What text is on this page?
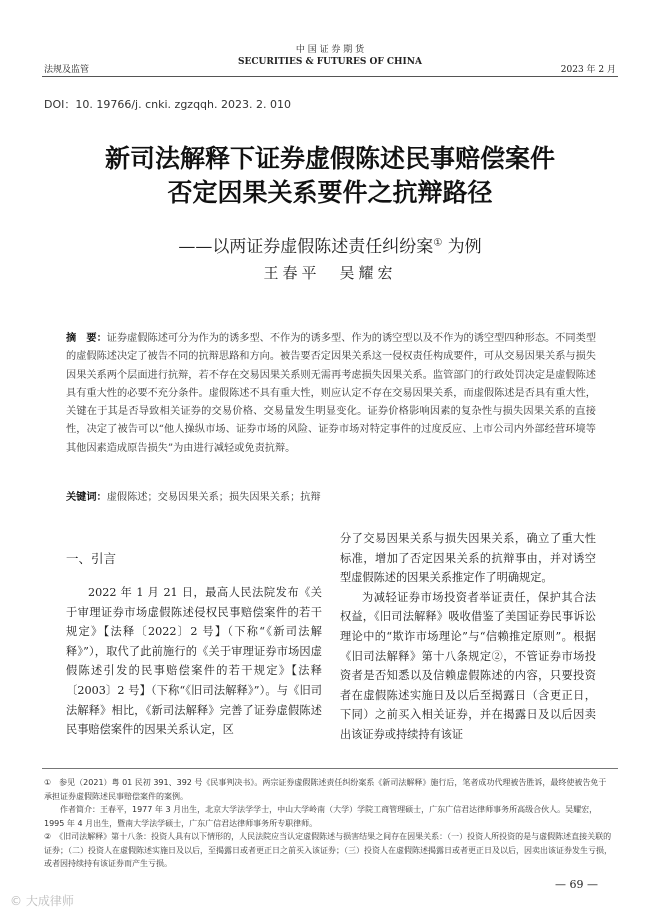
中 国 证 券 期 货
SECURITIES & FUTURES OF CHINA
法规及监管	2023 年 2 月
DOI：10. 19766/j. cnki. zgzqqh. 2023. 2. 010
新司法解释下证券虚假陈述民事赔偿案件
否定因果关系要件之抗辩路径
——以两证券虚假陈述责任纠纷案① 为例
王春平　吴耀宏
摘　要：证券虚假陈述可分为作为的诱多型、不作为的诱多型、作为的诱空型以及不作为的诱空型四种形态。不同类型的虚假陈述决定了被告不同的抗辩思路和方向。被告要否定因果关系这一侵权责任构成要件，可从交易因果关系与损失因果关系两个层面进行抗辩，若不存在交易因果关系则无需再考虑损失因果关系。监管部门的行政处罚决定是虚假陈述具有重大性的必要不充分条件。虚假陈述不具有重大性，则应认定不存在交易因果关系，而虚假陈述是否具有重大性，关键在于其是否导致相关证券的交易价格、交易量发生明显变化。证券价格影响因素的复杂性与损失因果关系的直接性，决定了被告可以“他人操纵市场、证券市场的风险、证券市场对特定事件的过度反应、上市公司内外部经营环境等其他因素造成原告损失”为由进行减轻或免责抗辩。
关键词：虚假陈述；交易因果关系；损失因果关系；抗辩
一、引言

2022 年 1 月 21 日，最高人民法院发布《关于审理证券市场虚假陈述侵权民事赔偿案件的若干规定》【法释〔2022〕2 号】（下称“《新司法解释》”），取代了此前施行的《关于审理证券市场因虚假陈述引发的民事赔偿案件的若干规定》【法释〔2003〕2 号】（下称“《旧司法解释》”）。与《旧司法解释》相比，《新司法解释》完善了证券虚假陈述民事赔偿案件的因果关系认定，区

分了交易因果关系与损失因果关系，确立了重大性标准，增加了否定因果关系的抗辩事由，并对诱空型虚假陈述的因果关系推定作了明确规定。

为减轻证券市场投资者举证责任，保护其合法权益，《旧司法解释》吸收借鉴了美国证券民事诉讼理论中的“欺诈市场理论”与“信赖推定原则”。根据《旧司法解释》第十八条规定②，不管证券市场投资者是否知悉以及信赖虚假陈述的内容，只要投资者在虚假陈述实施日及以后至揭露日（含更正日，下同）之前买入相关证券，并在揭露日及以后因卖出该证券或持续持有该证

①　参见（2021）粤 01 民初 391、392 号《民事判决书》。两宗证券虚假陈述责任纠纷案系《新司法解释》施行后，笔者成功代理被告胜诉，最终使被告免于承担证券虚假陈述民事赔偿案件的案例。
　　作者简介：王春平，1977 年 3 月出生，北京大学法学学士，中山大学岭南（大学）学院工商管理硕士，广东广信君达律师事务所高级合伙人。吴耀宏，1995 年 4 月出生，暨南大学法学硕士，广东广信君达律师事务所专职律师。
②　《旧司法解释》第十八条：投资人具有以下情形的，人民法院应当认定虚假陈述与损害结果之间存在因果关系：（一）投资人所投资的是与虚假陈述直接关联的证券；（二）投资人在虚假陈述实施日及以后，至揭露日或者更正日之前买入该证券；（三）投资人在虚假陈述揭露日或者更正日及以后，因卖出该证券发生亏损，或者因持续持有该证券而产生亏损。
— 69 —
© 大成律师
